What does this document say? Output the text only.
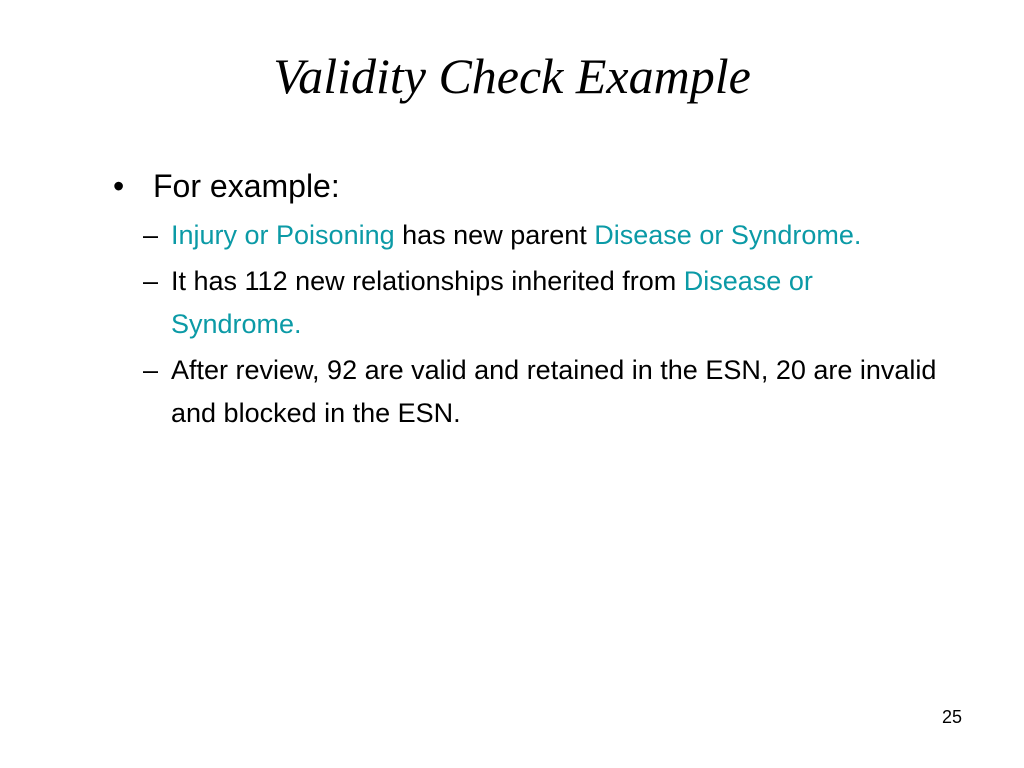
Validity Check Example
• For example:
– Injury or Poisoning has new parent Disease or Syndrome.
– It has 112 new relationships inherited from Disease or Syndrome.
– After review, 92 are valid and retained in the ESN, 20 are invalid and blocked in the ESN.
25
